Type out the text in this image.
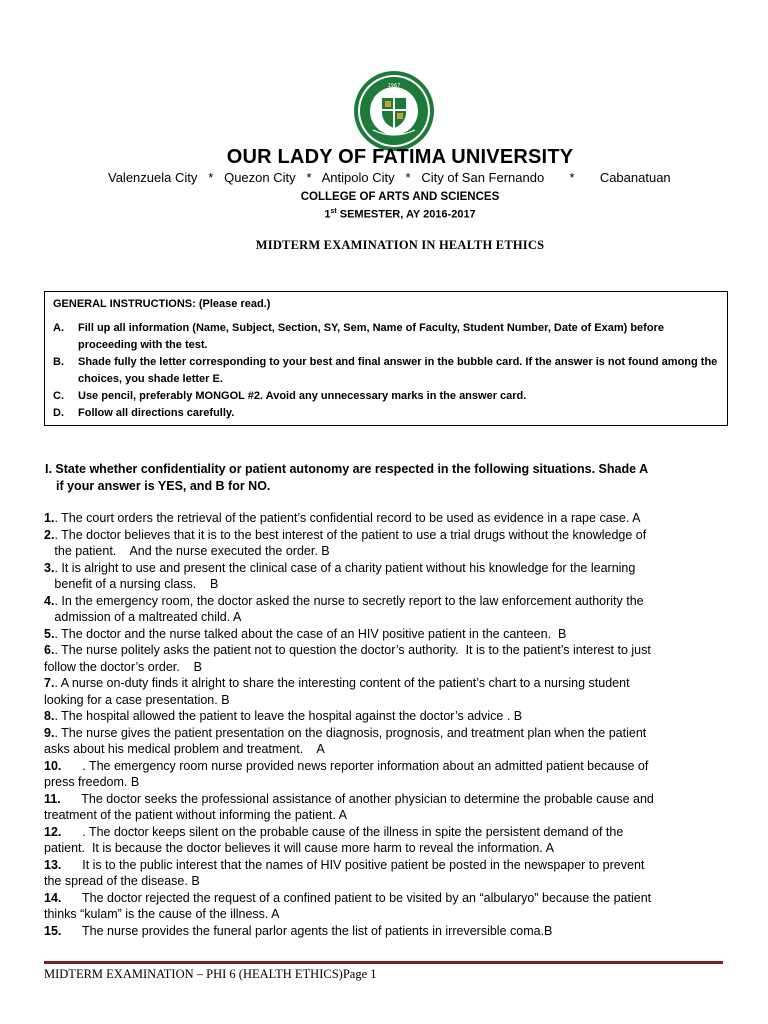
1967
OUR LADY OF FATIMA UNIVERSITY
Valenzuela City   *   Quezon City   *   Antipolo City   *   City of San Fernando       *       Cabanatuan
COLLEGE OF ARTS AND SCIENCES
1st SEMESTER, AY 2016-2017
MIDTERM EXAMINATION IN HEALTH ETHICS
GENERAL INSTRUCTIONS: (Please read.)
A.	Fill up all information (Name, Subject, Section, SY, Sem, Name of Faculty, Student Number, Date of Exam) before proceeding with the test.
B.	Shade fully the letter corresponding to your best and final answer in the bubble card. If the answer is not found among the choices, you shade letter E.
C.	Use pencil, preferably MONGOL #2. Avoid any unnecessary marks in the answer card.
D.	Follow all directions carefully.
I. State whether confidentiality or patient autonomy are respected in the following situations. Shade A
if your answer is YES, and B for NO.
1.. The court orders the retrieval of the patient’s confidential record to be used as evidence in a rape case. A
2.. The doctor believes that it is to the best interest of the patient to use a trial drugs without the knowledge of
the patient.    And the nurse executed the order. B
3.. It is alright to use and present the clinical case of a charity patient without his knowledge for the learning
benefit of a nursing class.    B
4.. In the emergency room, the doctor asked the nurse to secretly report to the law enforcement authority the
admission of a maltreated child. A
5.. The doctor and the nurse talked about the case of an HIV positive patient in the canteen.  B
6.. The nurse politely asks the patient not to question the doctor’s authority.  It is to the patient’s interest to just
follow the doctor’s order.    B
7.. A nurse on-duty finds it alright to share the interesting content of the patient’s chart to a nursing student
looking for a case presentation. B
8.. The hospital allowed the patient to leave the hospital against the doctor’s advice . B
9.. The nurse gives the patient presentation on the diagnosis, prognosis, and treatment plan when the patient
asks about his medical problem and treatment.    A
10.      . The emergency room nurse provided news reporter information about an admitted patient because of
press freedom. B
11.      The doctor seeks the professional assistance of another physician to determine the probable cause and
treatment of the patient without informing the patient. A
12.      . The doctor keeps silent on the probable cause of the illness in spite the persistent demand of the
patient.  It is because the doctor believes it will cause more harm to reveal the information. A
13.      It is to the public interest that the names of HIV positive patient be posted in the newspaper to prevent
the spread of the disease. B
14.      The doctor rejected the request of a confined patient to be visited by an “albularyo” because the patient
thinks “kulam” is the cause of the illness. A
15.      The nurse provides the funeral parlor agents the list of patients in irreversible coma.B
MIDTERM EXAMINATION – PHI 6 (HEALTH ETHICS)Page 1
